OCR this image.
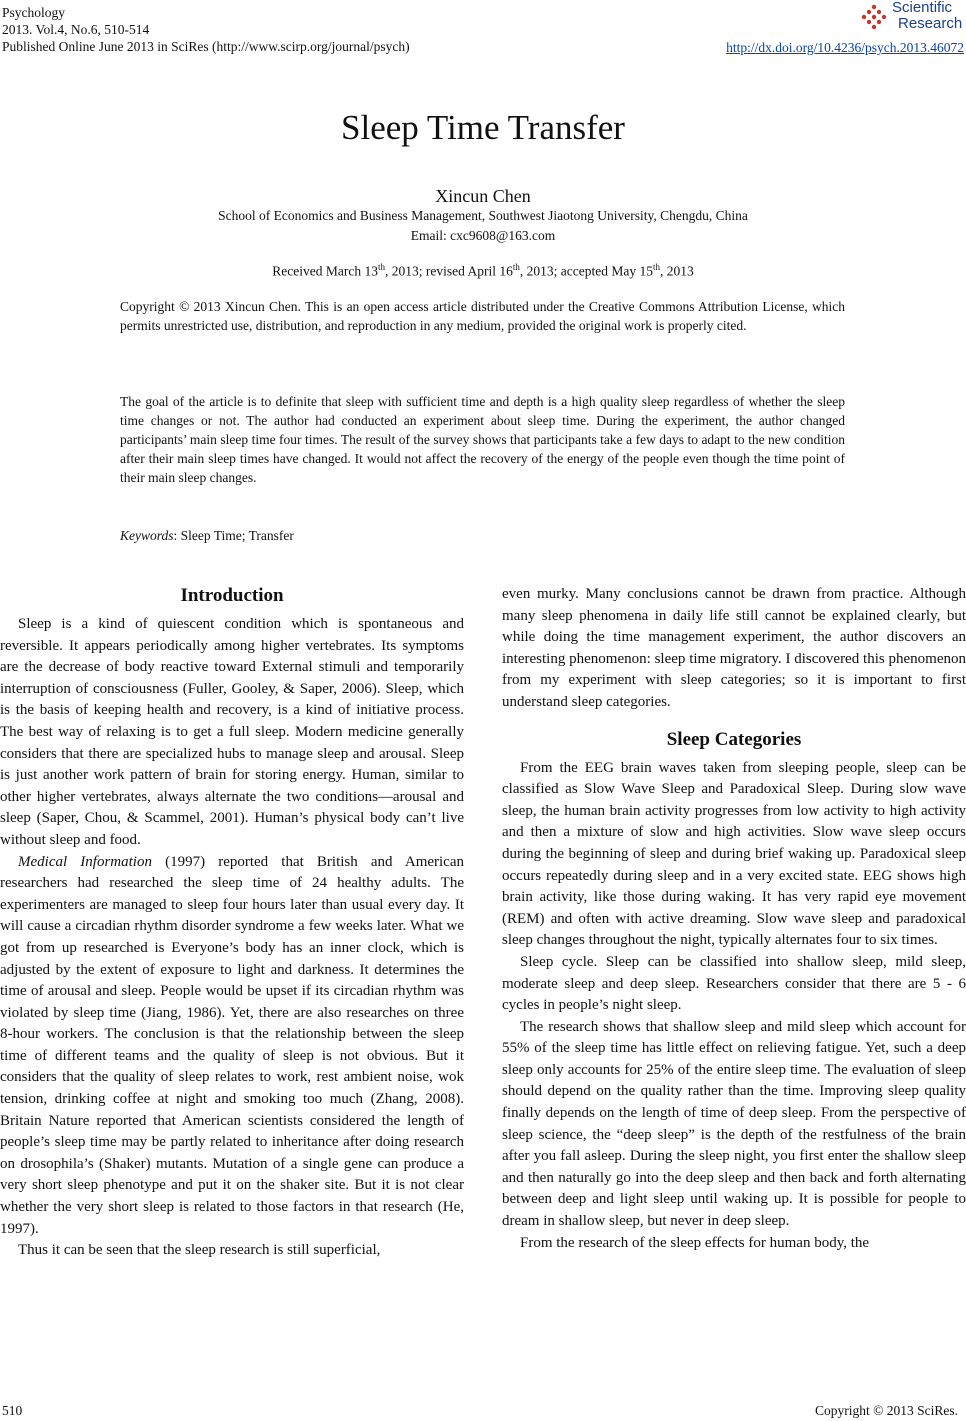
Psychology
2013. Vol.4, No.6, 510-514
Published Online June 2013 in SciRes (http://www.scirp.org/journal/psych)
Scientific
Research
http://dx.doi.org/10.4236/psych.2013.46072
Sleep Time Transfer
Xincun Chen
School of Economics and Business Management, Southwest Jiaotong University, Chengdu, China
Email: cxc9608@163.com
Received March 13th, 2013; revised April 16th, 2013; accepted May 15th, 2013
Copyright © 2013 Xincun Chen. This is an open access article distributed under the Creative Commons Attribution License, which permits unrestricted use, distribution, and reproduction in any medium, provided the original work is properly cited.
The goal of the article is to definite that sleep with sufficient time and depth is a high quality sleep regardless of whether the sleep time changes or not. The author had conducted an experiment about sleep time. During the experiment, the author changed participants’ main sleep time four times. The result of the survey shows that participants take a few days to adapt to the new condition after their main sleep times have changed. It would not affect the recovery of the energy of the people even though the time point of their main sleep changes.
Keywords: Sleep Time; Transfer
Introduction

Sleep is a kind of quiescent condition which is spontaneous and reversible. It appears periodically among higher vertebrates. Its symptoms are the decrease of body reactive toward External stimuli and temporarily interruption of consciousness (Fuller, Gooley, & Saper, 2006). Sleep, which is the basis of keeping health and recovery, is a kind of initiative process. The best way of relaxing is to get a full sleep. Modern medicine generally considers that there are specialized hubs to manage sleep and arousal. Sleep is just another work pattern of brain for storing energy. Human, similar to other higher vertebrates, always alternate the two conditions—arousal and sleep (Saper, Chou, & Scammel, 2001). Human’s physical body can’t live without sleep and food.

Medical Information (1997) reported that British and American researchers had researched the sleep time of 24 healthy adults. The experimenters are managed to sleep four hours later than usual every day. It will cause a circadian rhythm disorder syndrome a few weeks later. What we got from up researched is Everyone’s body has an inner clock, which is adjusted by the extent of exposure to light and darkness. It determines the time of arousal and sleep. People would be upset if its circadian rhythm was violated by sleep time (Jiang, 1986). Yet, there are also researches on three 8-hour workers. The conclusion is that the relationship between the sleep time of different teams and the quality of sleep is not obvious. But it considers that the quality of sleep relates to work, rest ambient noise, wok tension, drinking coffee at night and smoking too much (Zhang, 2008). Britain Nature reported that American scientists considered the length of people’s sleep time may be partly related to inheritance after doing research on drosophila’s (Shaker) mutants. Mutation of a single gene can produce a very short sleep phenotype and put it on the shaker site. But it is not clear whether the very short sleep is related to those factors in that research (He, 1997).

Thus it can be seen that the sleep research is still superficial,

even murky. Many conclusions cannot be drawn from practice. Although many sleep phenomena in daily life still cannot be explained clearly, but while doing the time management experiment, the author discovers an interesting phenomenon: sleep time migratory. I discovered this phenomenon from my experiment with sleep categories; so it is important to first understand sleep categories.

Sleep Categories

From the EEG brain waves taken from sleeping people, sleep can be classified as Slow Wave Sleep and Paradoxical Sleep. During slow wave sleep, the human brain activity progresses from low activity to high activity and then a mixture of slow and high activities. Slow wave sleep occurs during the beginning of sleep and during brief waking up. Paradoxical sleep occurs repeatedly during sleep and in a very excited state. EEG shows high brain activity, like those during waking. It has very rapid eye movement (REM) and often with active dreaming. Slow wave sleep and paradoxical sleep changes throughout the night, typically alternates four to six times.

Sleep cycle. Sleep can be classified into shallow sleep, mild sleep, moderate sleep and deep sleep. Researchers consider that there are 5 - 6 cycles in people’s night sleep.

The research shows that shallow sleep and mild sleep which account for 55% of the sleep time has little effect on relieving fatigue. Yet, such a deep sleep only accounts for 25% of the entire sleep time. The evaluation of sleep should depend on the quality rather than the time. Improving sleep quality finally depends on the length of time of deep sleep. From the perspective of sleep science, the “deep sleep” is the depth of the restfulness of the brain after you fall asleep. During the sleep night, you first enter the shallow sleep and then naturally go into the deep sleep and then back and forth alternating between deep and light sleep until waking up. It is possible for people to dream in shallow sleep, but never in deep sleep.

From the research of the sleep effects for human body, the

510	Copyright © 2013 SciRes.
